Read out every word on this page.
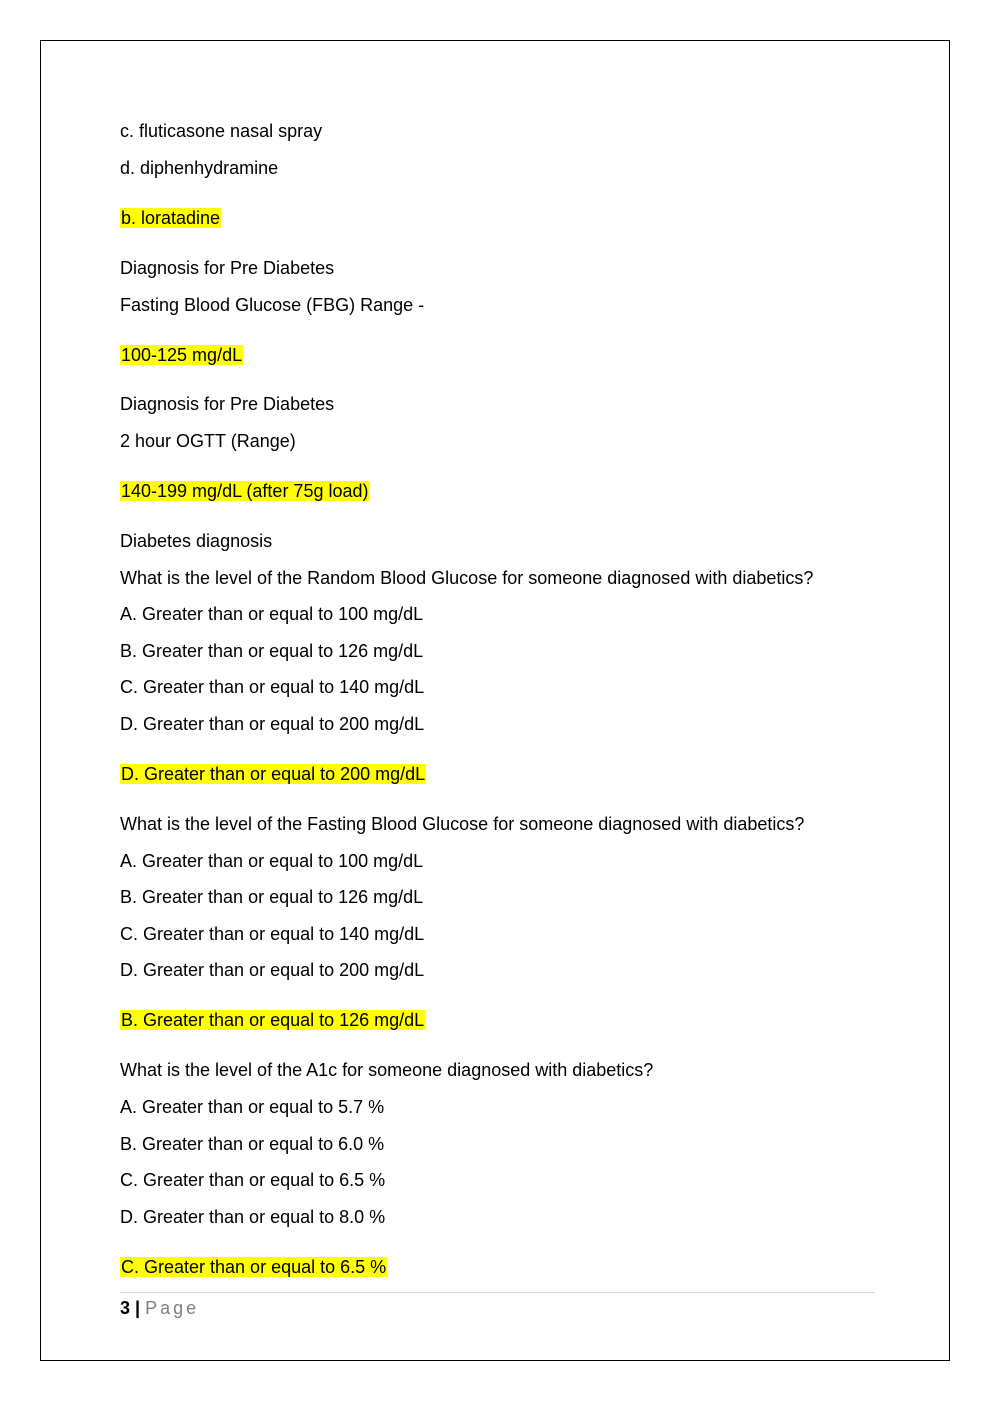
c. fluticasone nasal spray
d. diphenhydramine
b. loratadine
Diagnosis for Pre Diabetes
Fasting Blood Glucose (FBG) Range -
100-125 mg/dL
Diagnosis for Pre Diabetes
2 hour OGTT (Range)
140-199 mg/dL (after 75g load)
Diabetes diagnosis
What is the level of the Random Blood Glucose for someone diagnosed with diabetics?
A. Greater than or equal to 100 mg/dL
B. Greater than or equal to 126 mg/dL
C. Greater than or equal to 140 mg/dL
D. Greater than or equal to 200 mg/dL
D. Greater than or equal to 200 mg/dL
What is the level of the Fasting Blood Glucose for someone diagnosed with diabetics?
A. Greater than or equal to 100 mg/dL
B. Greater than or equal to 126 mg/dL
C. Greater than or equal to 140 mg/dL
D. Greater than or equal to 200 mg/dL
B. Greater than or equal to 126 mg/dL
What is the level of the A1c for someone diagnosed with diabetics?
A. Greater than or equal to 5.7 %
B. Greater than or equal to 6.0 %
C. Greater than or equal to 6.5 %
D. Greater than or equal to 8.0 %
C. Greater than or equal to 6.5 %
3 | Page
